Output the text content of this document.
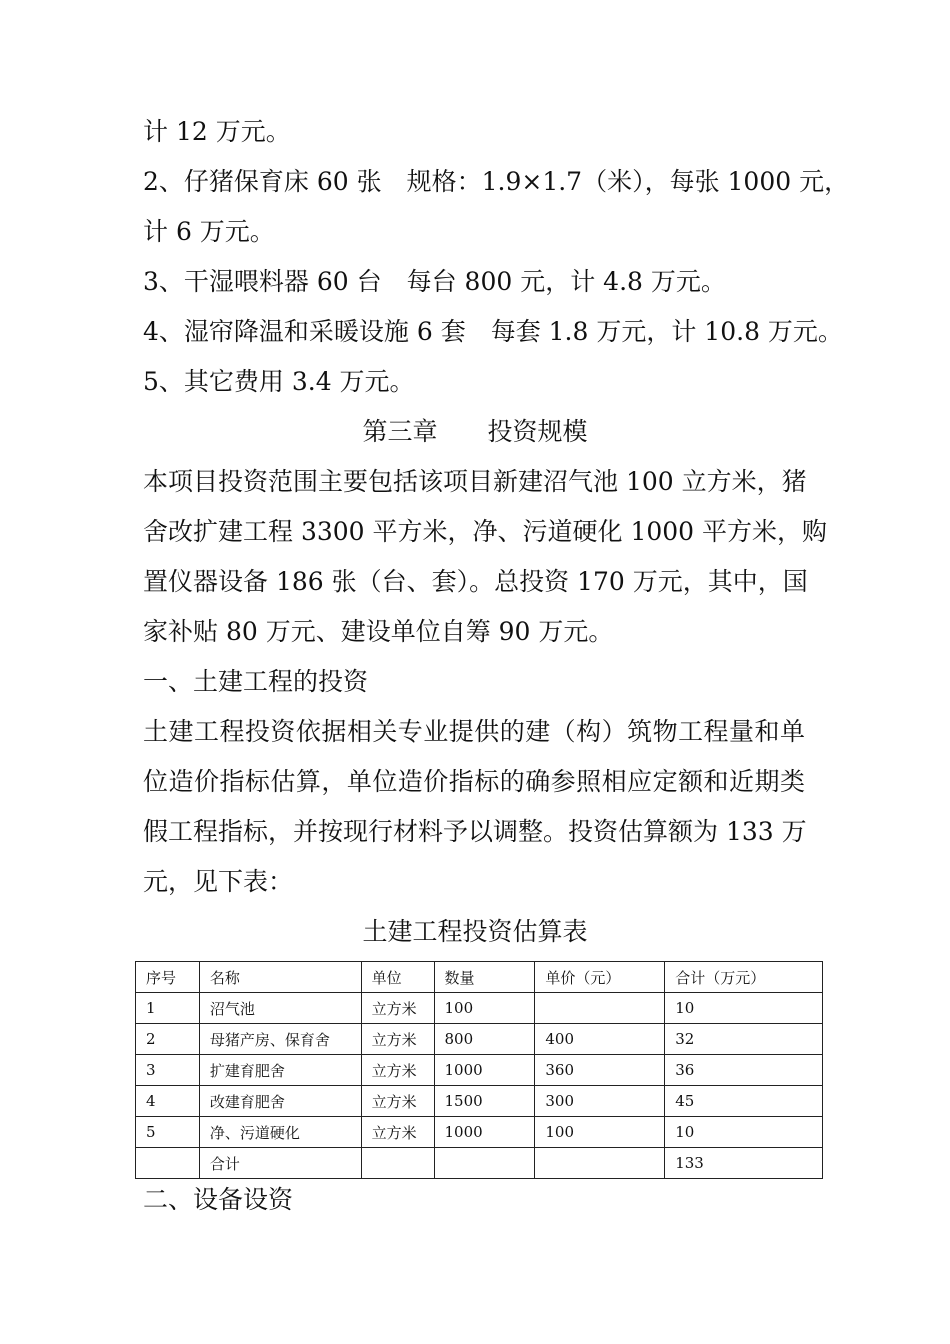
计 12 万元。
2、仔猪保育床 60 张　规格：1.9×1.7（米），每张 1000 元，
计 6 万元。
3、干湿喂料器 60 台　每台 800 元，计 4.8 万元。
4、湿帘降温和采暖设施 6 套　每套 1.8 万元，计 10.8 万元。
5、其它费用 3.4 万元。
第三章　　投资规模
本项目投资范围主要包括该项目新建沼气池 100 立方米，猪
舍改扩建工程 3300 平方米，净、污道硬化 1000 平方米，购
置仪器设备 186 张（台、套）。总投资 170 万元，其中，国
家补贴 80 万元、建设单位自筹 90 万元。
一、土建工程的投资
土建工程投资依据相关专业提供的建（构）筑物工程量和单
位造价指标估算，单位造价指标的确参照相应定额和近期类
假工程指标，并按现行材料予以调整。投资估算额为 133 万
元，见下表：
土建工程投资估算表
序号	名称	单位	数量	单价（元）	合计（万元）
1	沼气池	立方米	100		10
2	母猪产房、保育舍	立方米	800	400	32
3	扩建育肥舍	立方米	1000	360	36
4	改建育肥舍	立方米	1500	300	45
5	净、污道硬化	立方米	1000	100	10
	合计				133
二、设备设资
